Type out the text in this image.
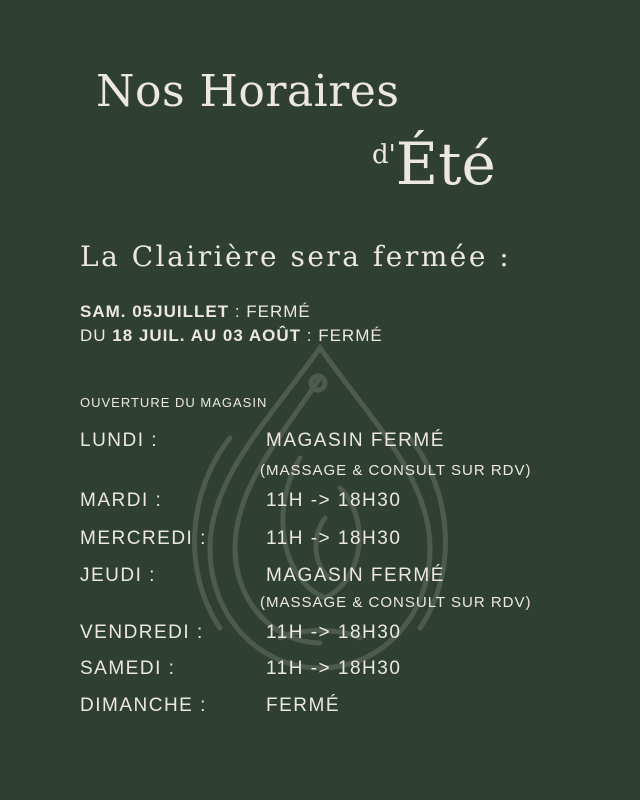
Nos Horaires
d'Été
La Clairière sera fermée :
SAM. 05JUILLET : FERMÉ
DU 18 JUIL. AU 03 AOÛT : FERMÉ
OUVERTURE DU MAGASIN
LUNDI :	MAGASIN FERMÉ
(MASSAGE & CONSULT SUR RDV)
MARDI :	11H -> 18H30
MERCREDI :	11H -> 18H30
JEUDI :	MAGASIN FERMÉ
(MASSAGE & CONSULT SUR RDV)
VENDREDI :	11H -> 18H30
SAMEDI :	11H -> 18H30
DIMANCHE :	FERMÉ
